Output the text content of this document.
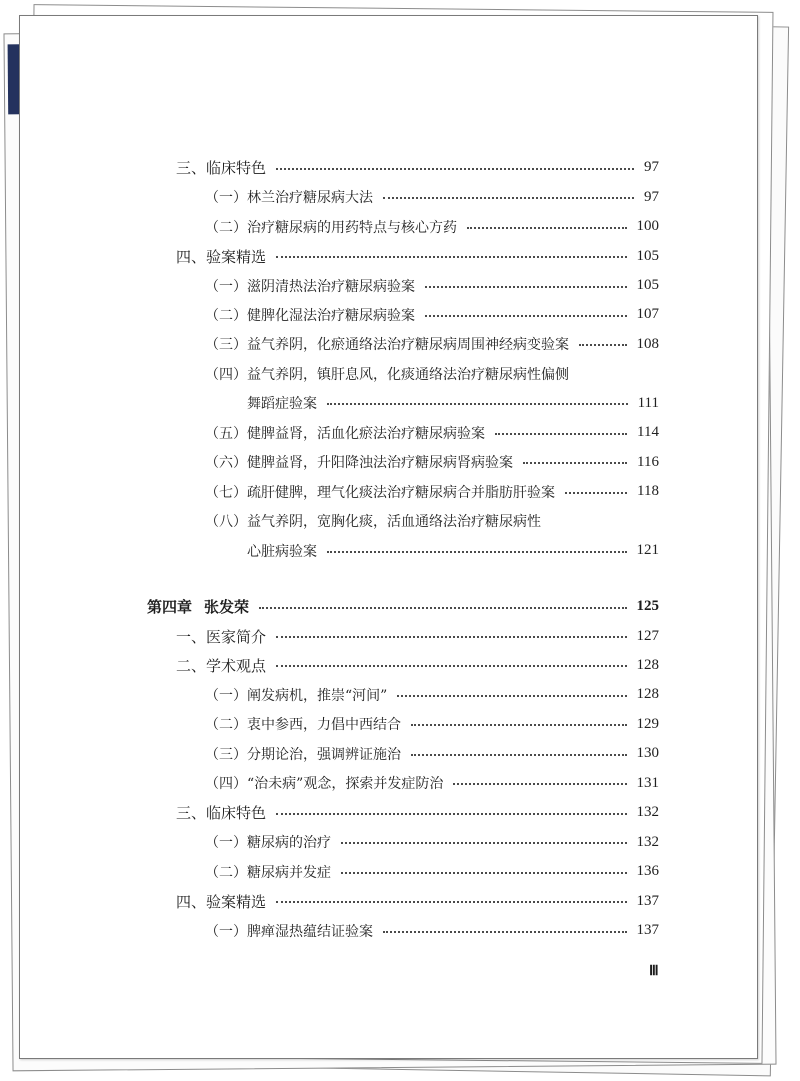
三、临床特色	97
（一）林兰治疗糖尿病大法	97
（二）治疗糖尿病的用药特点与核心方药	100
四、验案精选	105
（一）滋阴清热法治疗糖尿病验案	105
（二）健脾化湿法治疗糖尿病验案	107
（三）益气养阴，化瘀通络法治疗糖尿病周围神经病变验案	108
（四）益气养阴，镇肝息风，化痰通络法治疗糖尿病性偏侧
舞蹈症验案	111
（五）健脾益肾，活血化瘀法治疗糖尿病验案	114
（六）健脾益肾，升阳降浊法治疗糖尿病肾病验案	116
（七）疏肝健脾，理气化痰法治疗糖尿病合并脂肪肝验案	118
（八）益气养阴，宽胸化痰，活血通络法治疗糖尿病性
心脏病验案	121
第四章 张发荣	125
一、医家简介	127
二、学术观点	128
（一）阐发病机，推崇“河间”	128
（二）衷中参西，力倡中西结合	129
（三）分期论治，强调辨证施治	130
（四）“治未病”观念，探索并发症防治	131
三、临床特色	132
（一）糖尿病的治疗	132
（二）糖尿病并发症	136
四、验案精选	137
（一）脾瘅湿热蕴结证验案	137
Ⅲ
